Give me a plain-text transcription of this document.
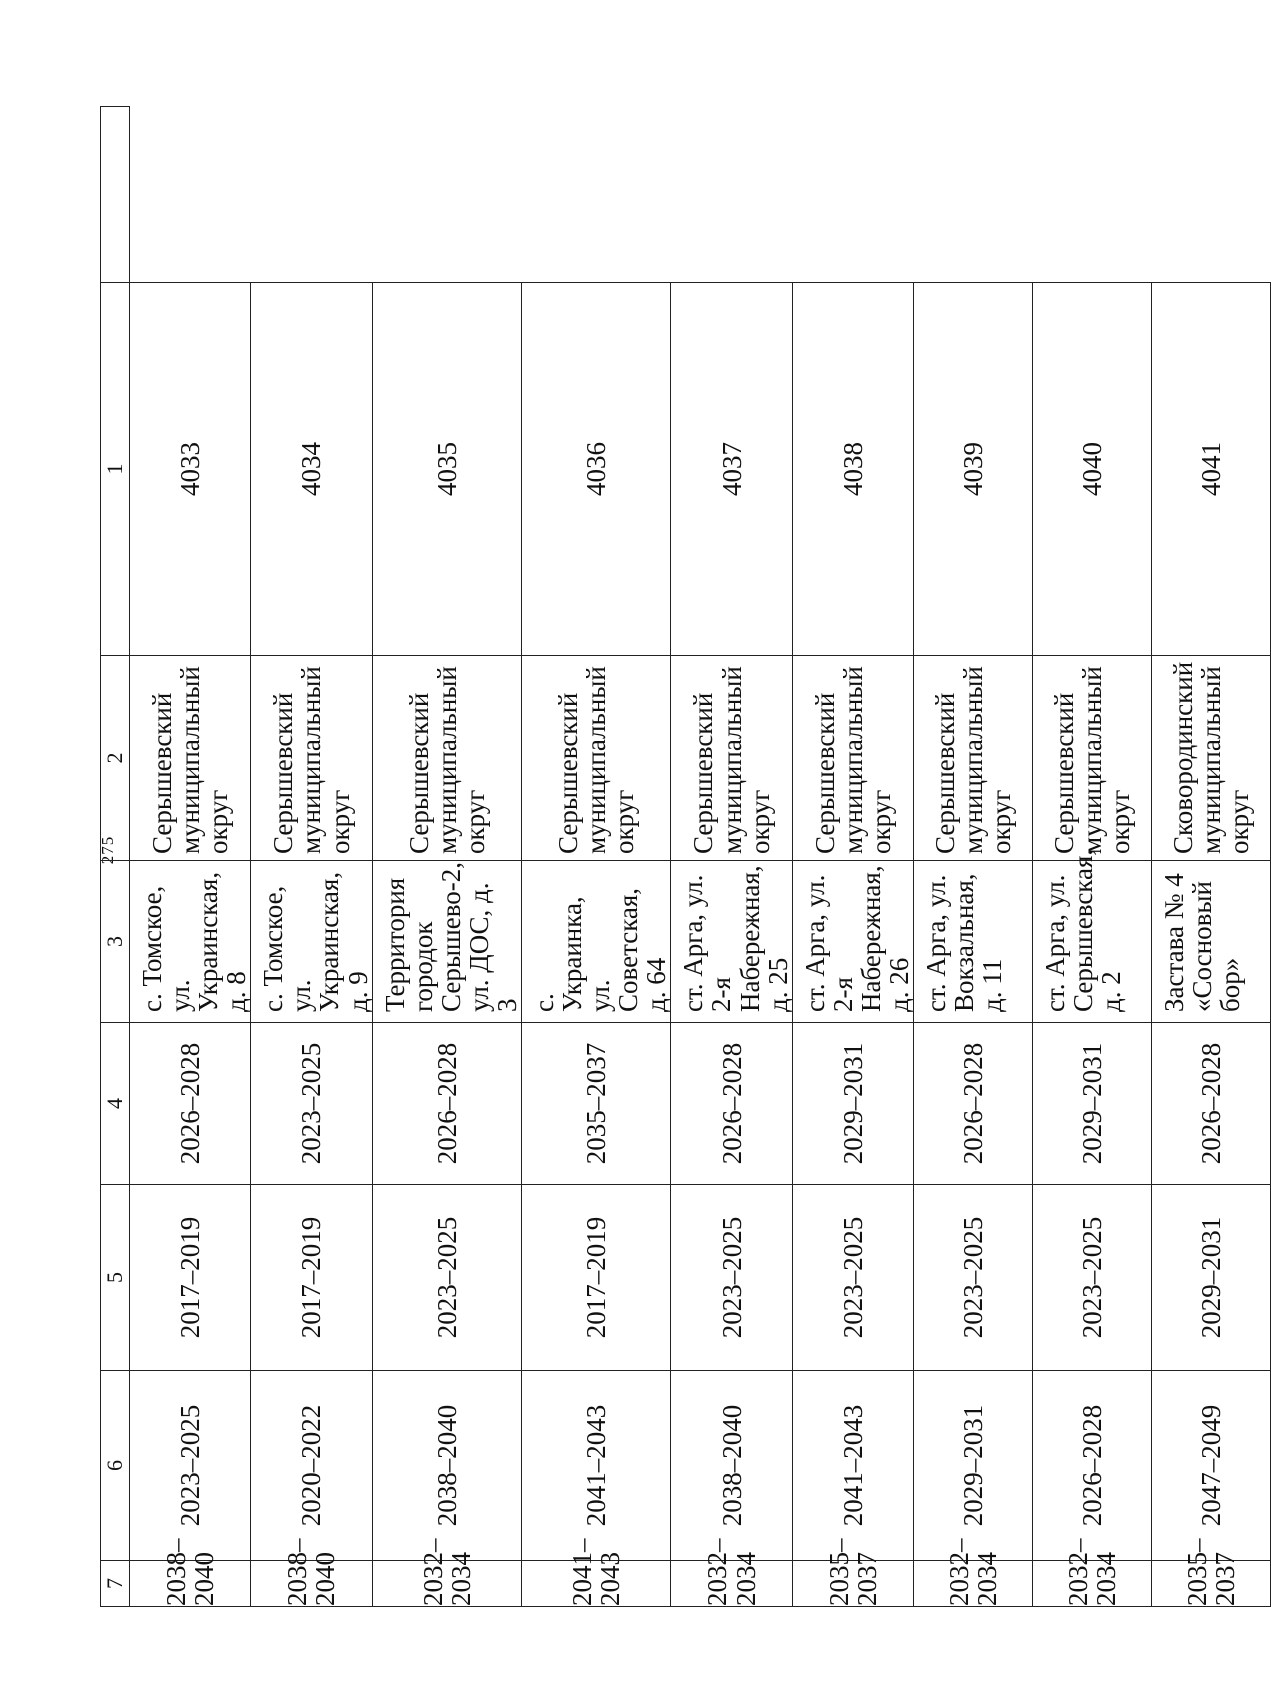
275
7	6	5	4	3	2	1	
2038–2040	2023–2025	2017–2019	2026–2028	с. Томское, ул. Украинская, д. 8	Серышевский муниципальный округ	4033	
2038–2040	2020–2022	2017–2019	2023–2025	с. Томское, ул. Украинская, д. 9	Серышевский муниципальный округ	4034	
2032–2034	2038–2040	2023–2025	2026–2028	Территория городок Серышево-2, ул. ДОС, д. 3	Серышевский муниципальный округ	4035	
2041–2043	2041–2043	2017–2019	2035–2037	с. Украинка, ул. Советская, д. 64	Серышевский муниципальный округ	4036	
2032–2034	2038–2040	2023–2025	2026–2028	ст. Арга, ул. 2-я Набережная, д. 25	Серышевский муниципальный округ	4037	
2035–2037	2041–2043	2023–2025	2029–2031	ст. Арга, ул. 2-я Набережная, д. 26	Серышевский муниципальный округ	4038	
2032–2034	2029–2031	2023–2025	2026–2028	ст. Арга, ул. Вокзальная, д. 11	Серышевский муниципальный округ	4039	
2032–2034	2026–2028	2023–2025	2029–2031	ст. Арга, ул. Серышевская, д. 2	Серышевский муниципальный округ	4040	
2035–2037	2047–2049	2029–2031	2026–2028	Застава № 4 «Сосновый бор»	Сковородинский муниципальный округ	4041	
